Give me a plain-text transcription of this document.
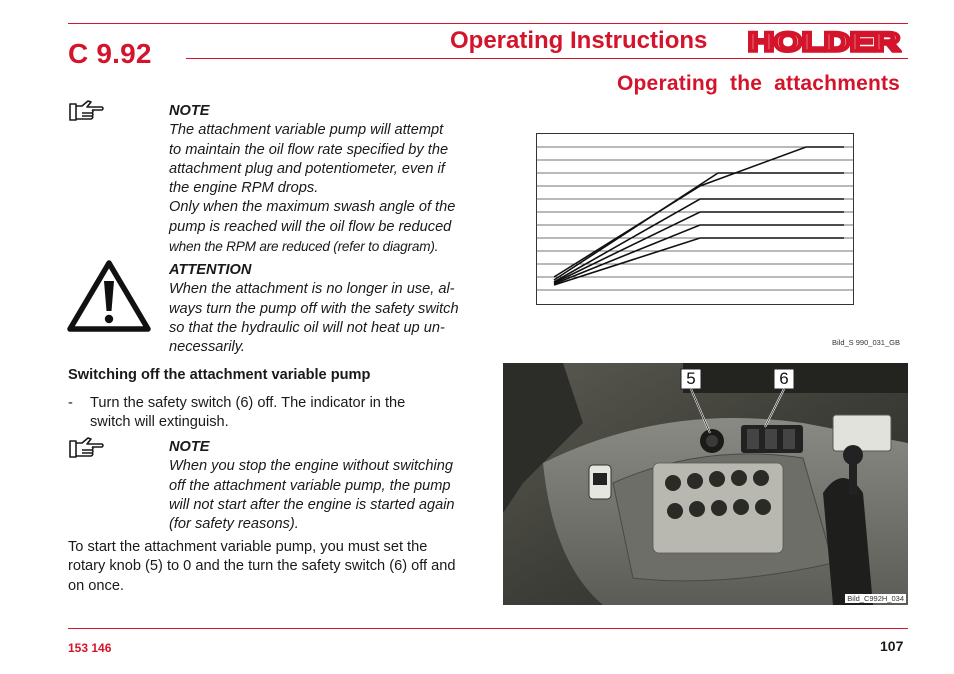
C 9.92	Operating Instructions HOLDER
Operating the attachments

NOTE

The attachment variable pump will attempt

to maintain the oil flow rate specified by the

attachment plug and potentiometer, even if

the engine RPM drops.

Only when the maximum swash angle of the

pump is reached will the oil flow be reduced

when the RPM are reduced (refer to diagram).

ATTENTION

When the attachment is no longer in use, al-

ways turn the pump off with the safety switch

so that the hydraulic oil will not heat up un-

necessarily.

Switching off the attachment variable pump
- Turn the safety switch (6) off. The indicator in the
switch will extinguish.

NOTE

When you stop the engine without switching

off the attachment variable pump, the pump

will not start after the engine is started again

(for safety reasons).

To start the attachment variable pump, you must set the
rotary knob (5) to 0 and the turn the safety switch (6) off and
on once.
Bild_S 990_031_GB
5	6
Bild_C992H_034
153 146	107
